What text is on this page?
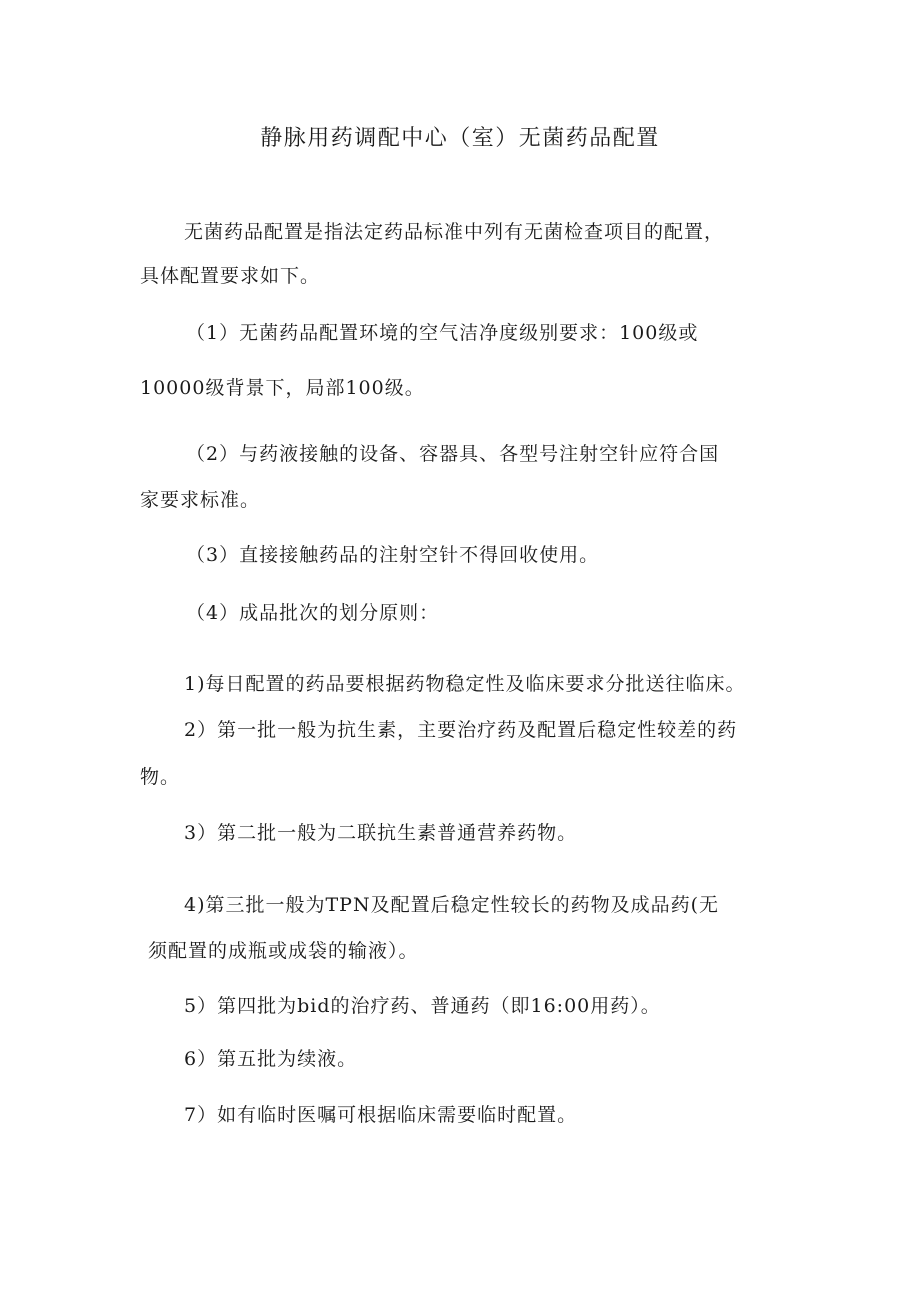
静脉用药调配中心（室）无菌药品配置
无菌药品配置是指法定药品标准中列有无菌检查项目的配置，
具体配置要求如下。
（1）无菌药品配置环境的空气洁净度级别要求：100级或
10000级背景下，局部100级。
（2）与药液接触的设备、容器具、各型号注射空针应符合国
家要求标准。
（3）直接接触药品的注射空针不得回收使用。
（4）成品批次的划分原则：
1)每日配置的药品要根据药物稳定性及临床要求分批送往临床。
2）第一批一般为抗生素，主要治疗药及配置后稳定性较差的药
物。
3）第二批一般为二联抗生素普通营养药物。
4)第三批一般为TPN及配置后稳定性较长的药物及成品药(无
须配置的成瓶或成袋的输液）。
5）第四批为bid的治疗药、普通药（即16:00用药）。
6）第五批为续液。
7）如有临时医嘱可根据临床需要临时配置。
